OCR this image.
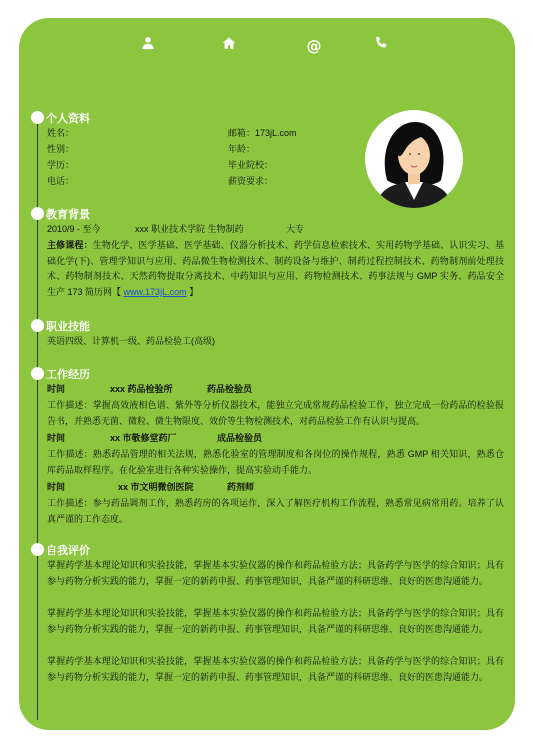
@
个人资料
姓名：	邮箱：173jL.com
性别：	年龄：
学历：	毕业院校：
电话：	薪资要求：
教育背景
2010/9 - 至今	xxx 职业技术学院 生物制药	大专
主修课程：生物化学、医学基础、医学基础、仪器分析技术、药学信息检索技术、实用药物学基础、认识实习、基础化学(下)、管理学知识与应用、药品微生物检测技术、制药设备与维护、制药过程控制技术、药物制剂前处理技术、药物制剂技术、天然药物提取分离技术、中药知识与应用、药物检测技术、药事法规与 GMP 实务、药品安全生产 173 简历网【 www.173jL.com 】
职业技能
英语四级、计算机一级、药品检验工(高级)
工作经历
时间	xxx 药品检验所	药品检验员
工作描述：掌握高效液相色谱、紫外等分析仪器技术，能独立完成常规药品检验工作，独立完成一份药品的检验报告书，并熟悉无菌、微粒、微生物限度、效价等生物检测技术，对药品检验工作有认识与提高。
时间	xx 市敬修堂药厂	成品检验员
工作描述：熟悉药品管理的相关法规，熟悉化验室的管理制度和各岗位的操作规程，熟悉 GMP 相关知识，熟悉仓库药品取样程序。在化验室进行各种实验操作，提高实验动手能力。
时间	xx 市文明微创医院	药剂师
工作描述：参与药品调剂工作，熟悉药房的各项运作，深入了解医疗机构工作流程，熟悉常见病常用药。培养了认真严谨的工作态度。
自我评价
掌握药学基本理论知识和实验技能，掌握基本实验仪器的操作和药品检验方法；具备药学与医学的综合知识；具有参与药物分析实践的能力，掌握一定的新药申报、药事管理知识，具备严谨的科研思维、良好的医患沟通能力。
掌握药学基本理论知识和实验技能，掌握基本实验仪器的操作和药品检验方法；具备药学与医学的综合知识；具有参与药物分析实践的能力，掌握一定的新药申报、药事管理知识，具备严谨的科研思维、良好的医患沟通能力。
掌握药学基本理论知识和实验技能，掌握基本实验仪器的操作和药品检验方法；具备药学与医学的综合知识；具有参与药物分析实践的能力，掌握一定的新药申报、药事管理知识，具备严谨的科研思维、良好的医患沟通能力。
